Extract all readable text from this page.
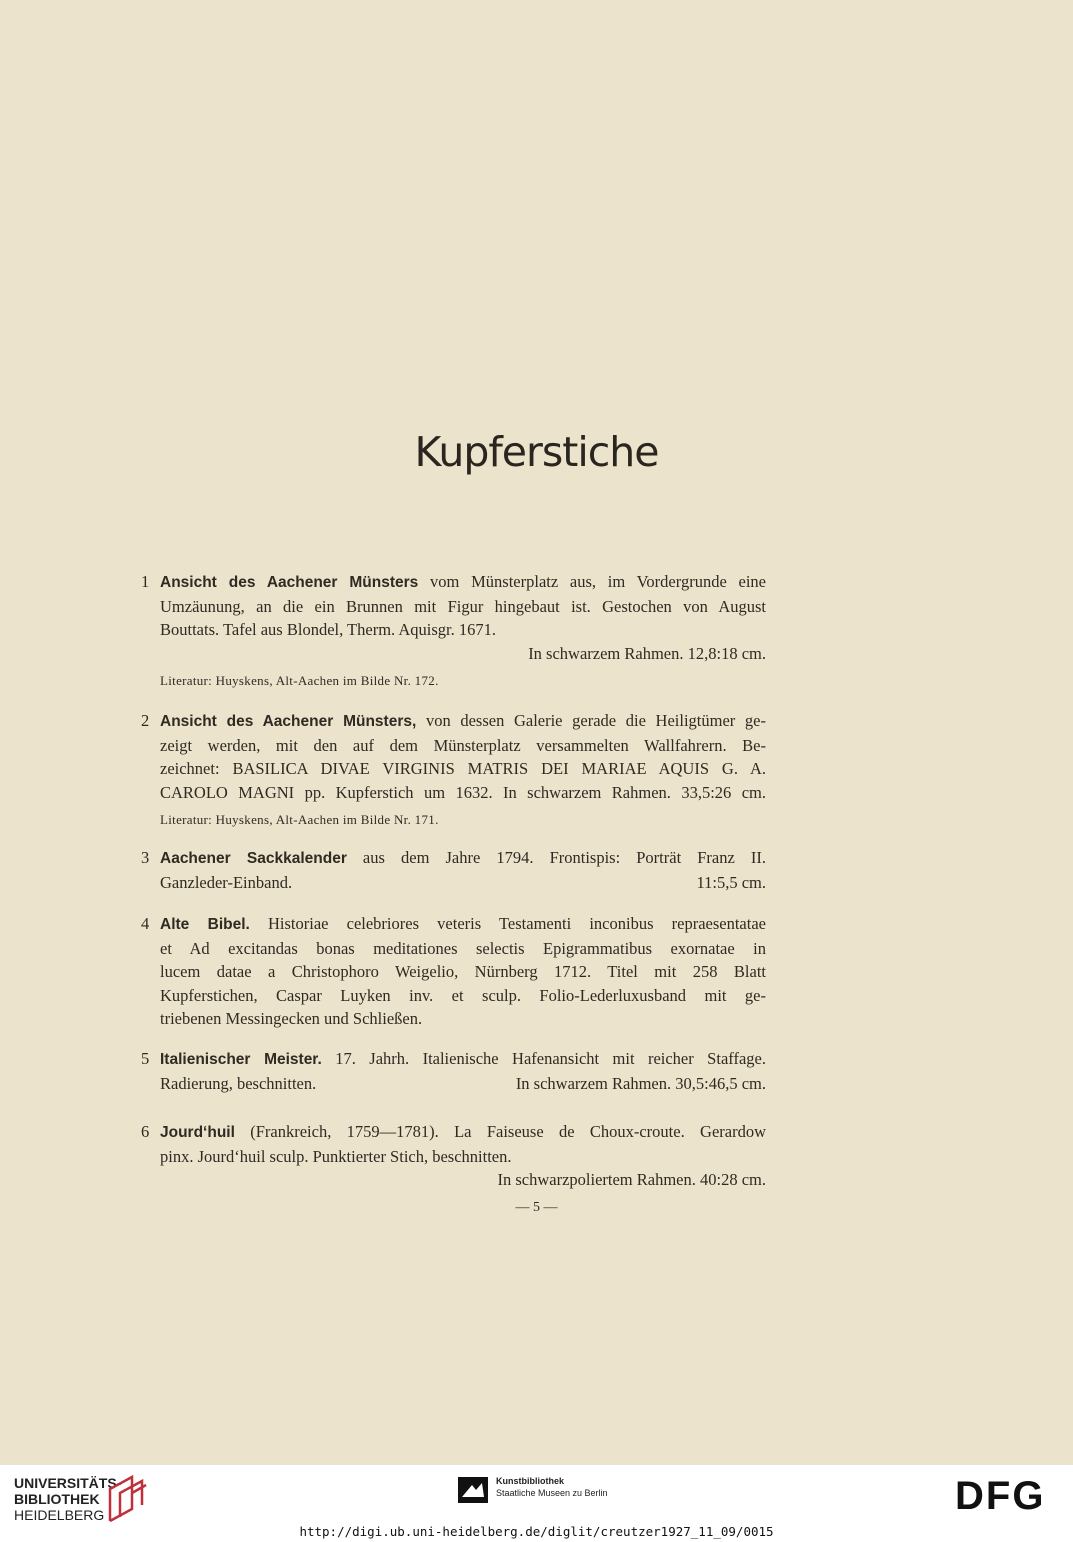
Kupferstiche
1 Ansicht des Aachener Münsters vom Münsterplatz aus, im Vordergrunde eine
Umzäunung, an die ein Brunnen mit Figur hingebaut ist. Gestochen von August
Bouttats. Tafel aus Blondel, Therm. Aquisgr. 1671.
In schwarzem Rahmen. 12,8:18 cm.
Literatur: Huyskens, Alt-Aachen im Bilde Nr. 172.
2 Ansicht des Aachener Münsters, von dessen Galerie gerade die Heiligtümer ge-
zeigt werden, mit den auf dem Münsterplatz versammelten Wallfahrern. Be-
zeichnet: BASILICA DIVAE VIRGINIS MATRIS DEI MARIAE AQUIS G. A.
CAROLO MAGNI pp. Kupferstich um 1632. In schwarzem Rahmen. 33,5:26 cm.
Literatur: Huyskens, Alt-Aachen im Bilde Nr. 171.
3 Aachener Sackkalender aus dem Jahre 1794. Frontispis: Porträt Franz II.
Ganzleder-Einband.	11:5,5 cm.
4 Alte Bibel. Historiae celebriores veteris Testamenti inconibus repraesentatae
et Ad excitandas bonas meditationes selectis Epigrammatibus exornatae in
lucem datae a Christophoro Weigelio, Nürnberg 1712. Titel mit 258 Blatt
Kupferstichen, Caspar Luyken inv. et sculp. Folio-Lederluxusband mit ge-
triebenen Messingecken und Schließen.
5 Italienischer Meister. 17. Jahrh. Italienische Hafenansicht mit reicher Staffage.
Radierung, beschnitten.	In schwarzem Rahmen. 30,5:46,5 cm.
6 Jourd‘huil (Frankreich, 1759—1781). La Faiseuse de Choux-croute. Gerardow
pinx. Jourd‘huil sculp. Punktierter Stich, beschnitten.
In schwarzpoliertem Rahmen. 40:28 cm.
— 5 —
UNIVERSITÄTS-
BIBLIOTHEK
HEIDELBERG
Kunstbibliothek
Staatliche Museen zu Berlin	DFG
http://digi.ub.uni-heidelberg.de/diglit/creutzer1927_11_09/0015
